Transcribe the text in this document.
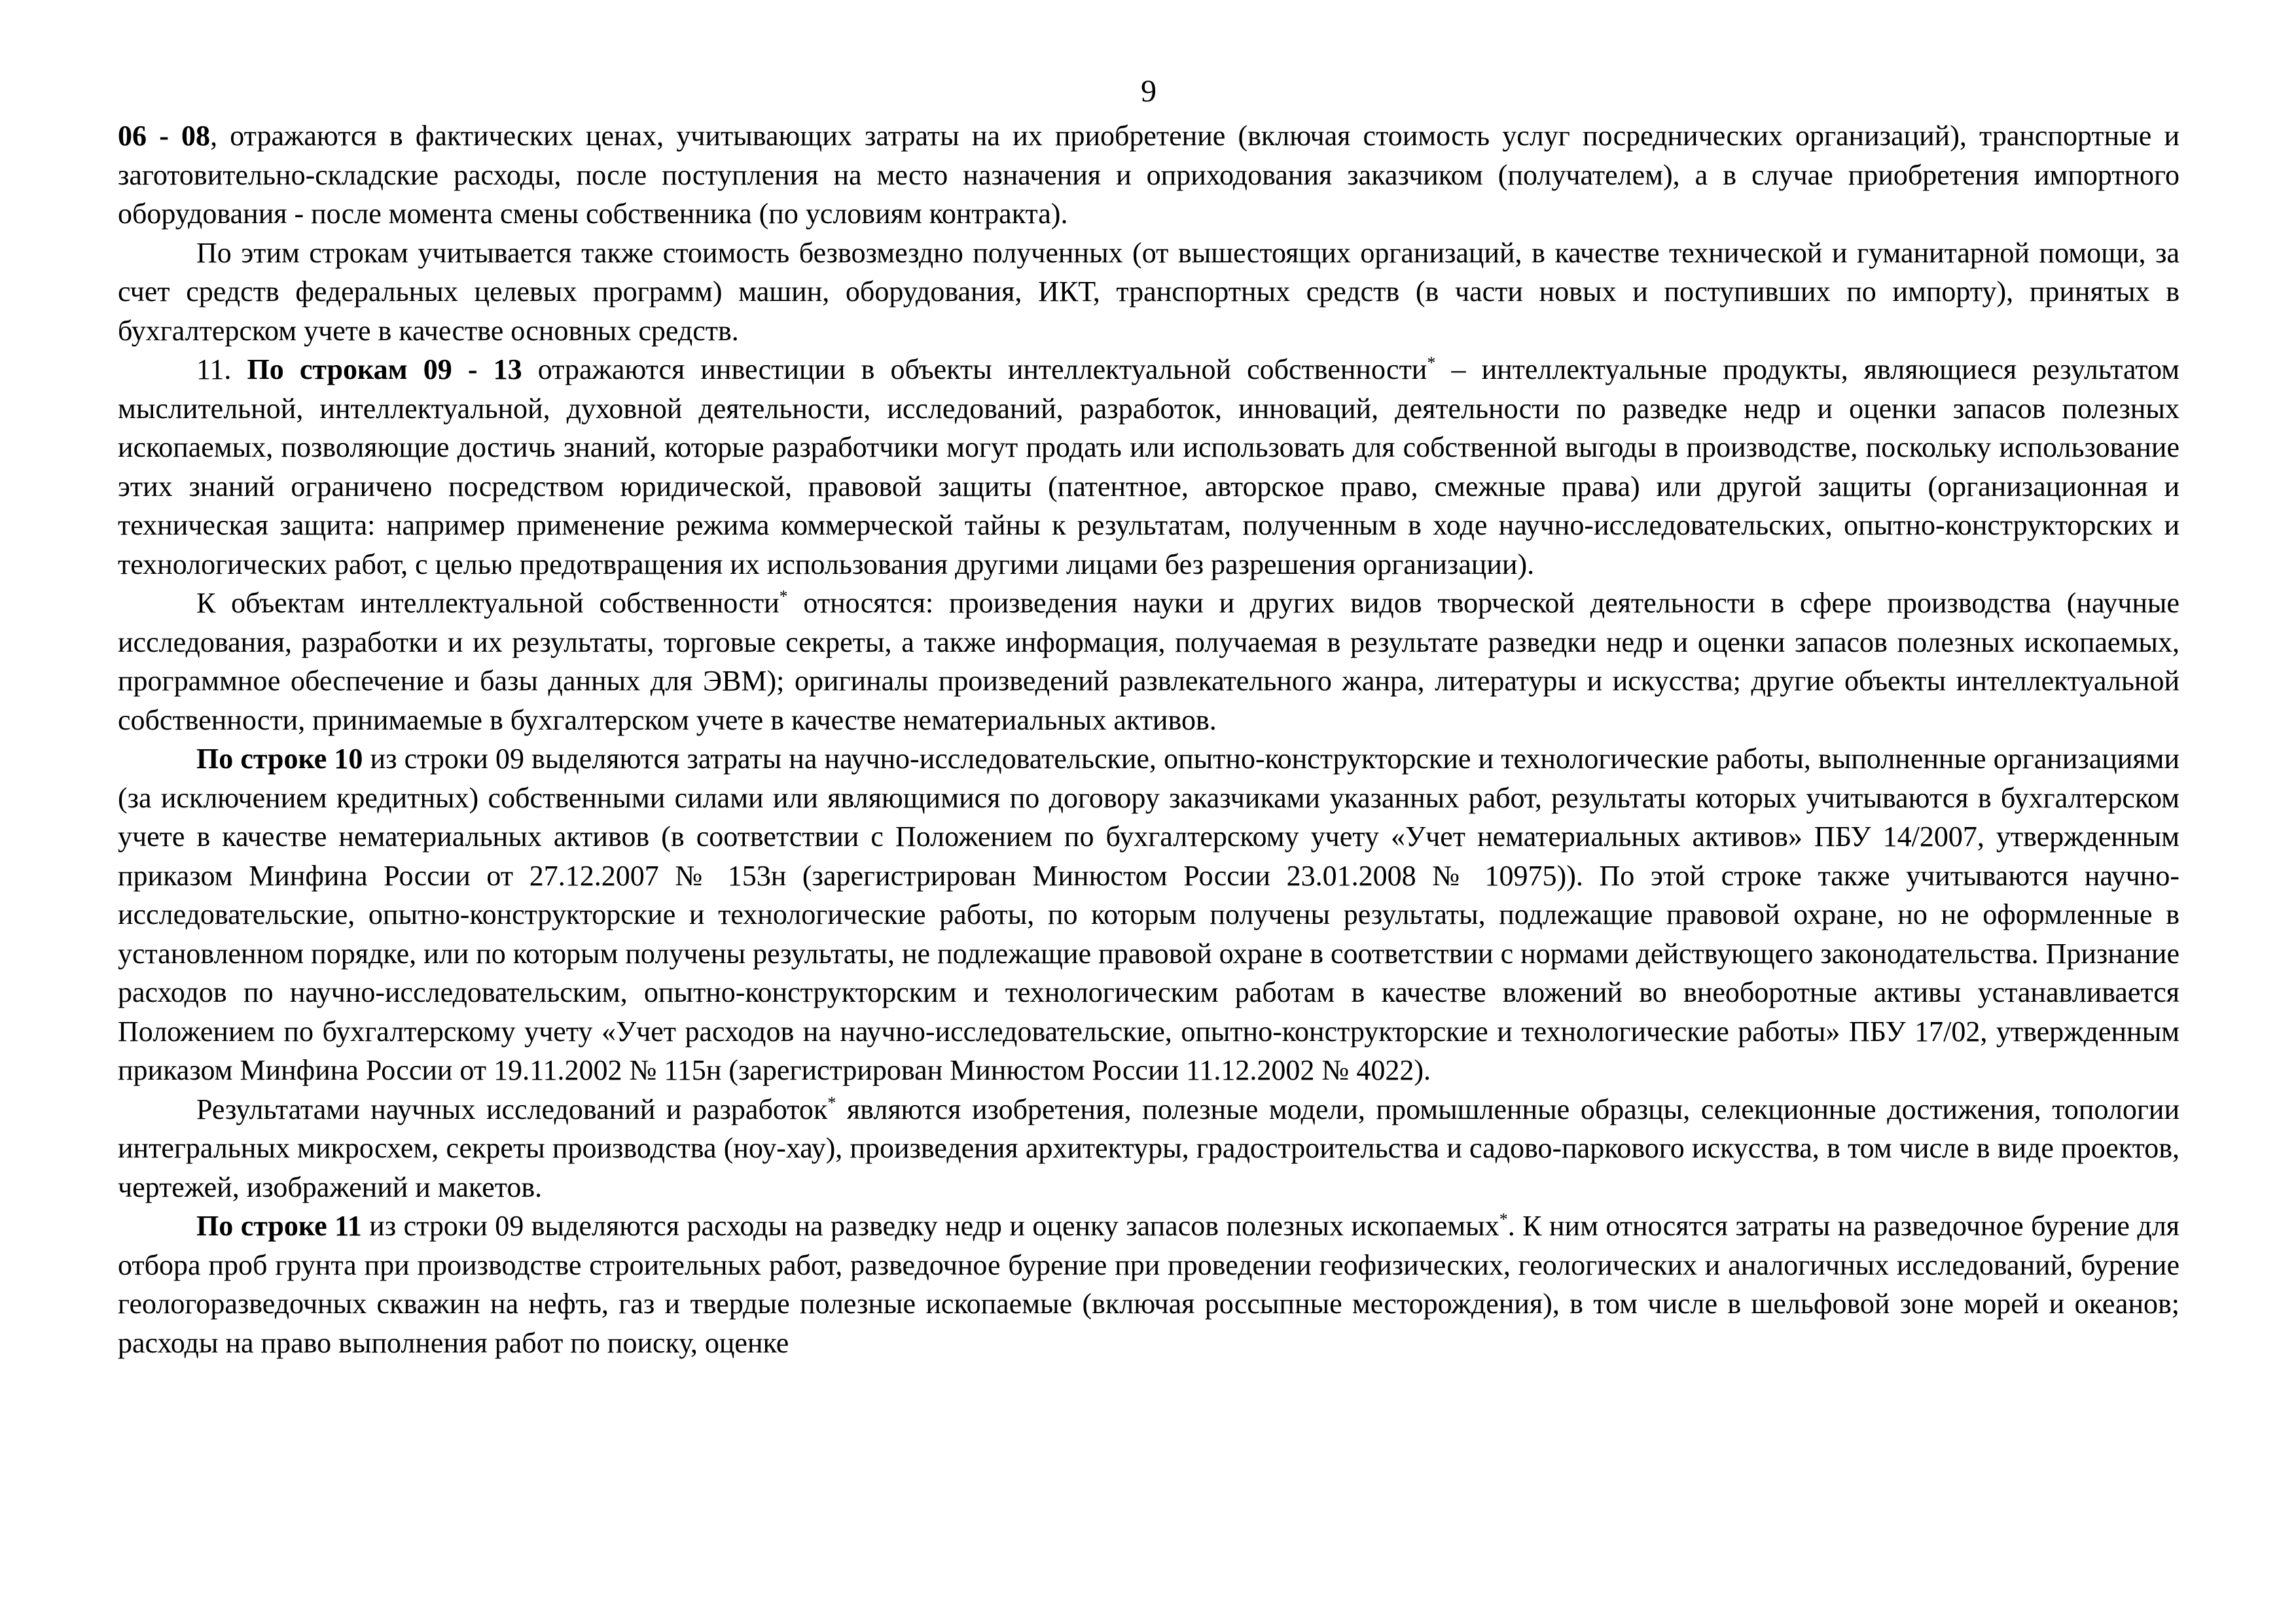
9

06 - 08, отражаются в фактических ценах, учитывающих затраты на их приобретение (включая стоимость услуг посреднических организаций), транспортные и заготовительно-складские расходы, после поступления на место назначения и оприходования заказчиком (получателем), а в случае приобретения импортного оборудования - после момента смены собственника (по условиям контракта).

По этим строкам учитывается также стоимость безвозмездно полученных (от вышестоящих организаций, в качестве технической и гуманитарной помощи, за счет средств федеральных целевых программ) машин, оборудования, ИКТ, транспортных средств (в части новых и поступивших по импорту), принятых в бухгалтерском учете в качестве основных средств.

11. По строкам 09 - 13 отражаются инвестиции в объекты интеллектуальной собственности* – интеллектуальные продукты, являющиеся результатом мыслительной, интеллектуальной, духовной деятельности, исследований, разработок, инноваций, деятельности по разведке недр и оценки запасов полезных ископаемых, позволяющие достичь знаний, которые разработчики могут продать или использовать для собственной выгоды в производстве, поскольку использование этих знаний ограничено посредством юридической, правовой защиты (патентное, авторское право, смежные права) или другой защиты (организационная и техническая защита: например применение режима коммерческой тайны к результатам, полученным в ходе научно-исследовательских, опытно-конструкторских и технологических работ, с целью предотвращения их использования другими лицами без разрешения организации).

К объектам интеллектуальной собственности* относятся: произведения науки и других видов творческой деятельности в сфере производства (научные исследования, разработки и их результаты, торговые секреты, а также информация, получаемая в результате разведки недр и оценки запасов полезных ископаемых, программное обеспечение и базы данных для ЭВМ); оригиналы произведений развлекательного жанра, литературы и искусства; другие объекты интеллектуальной собственности, принимаемые в бухгалтерском учете в качестве нематериальных активов.

По строке 10 из строки 09 выделяются затраты на научно-исследовательские, опытно-конструкторские и технологические работы, выполненные организациями (за исключением кредитных) собственными силами или являющимися по договору заказчиками указанных работ, результаты которых учитываются в бухгалтерском учете в качестве нематериальных активов (в соответствии с Положением по бухгалтерскому учету «Учет нематериальных активов» ПБУ 14/2007, утвержденным приказом Минфина России от 27.12.2007 № 153н (зарегистрирован Минюстом России 23.01.2008 № 10975)). По этой строке также учитываются научно-исследовательские, опытно-конструкторские и технологические работы, по которым получены результаты, подлежащие правовой охране, но не оформленные в установленном порядке, или по которым получены результаты, не подлежащие правовой охране в соответствии с нормами действующего законодательства. Признание расходов по научно-исследовательским, опытно-конструкторским и технологическим работам в качестве вложений во внеоборотные активы устанавливается Положением по бухгалтерскому учету «Учет расходов на научно-исследовательские, опытно-конструкторские и технологические работы» ПБУ 17/02, утвержденным приказом Минфина России от 19.11.2002 № 115н (зарегистрирован Минюстом России 11.12.2002 № 4022).

Результатами научных исследований и разработок* являются изобретения, полезные модели, промышленные образцы, селекционные достижения, топологии интегральных микросхем, секреты производства (ноу-хау), произведения архитектуры, градостроительства и садово-паркового искусства, в том числе в виде проектов, чертежей, изображений и макетов.

По строке 11 из строки 09 выделяются расходы на разведку недр и оценку запасов полезных ископаемых*. К ним относятся затраты на разведочное бурение для отбора проб грунта при производстве строительных работ, разведочное бурение при проведении геофизических, геологических и аналогичных исследований, бурение геологоразведочных скважин на нефть, газ и твердые полезные ископаемые (включая россыпные месторождения), в том числе в шельфовой зоне морей и океанов; расходы на право выполнения работ по поиску, оценке
